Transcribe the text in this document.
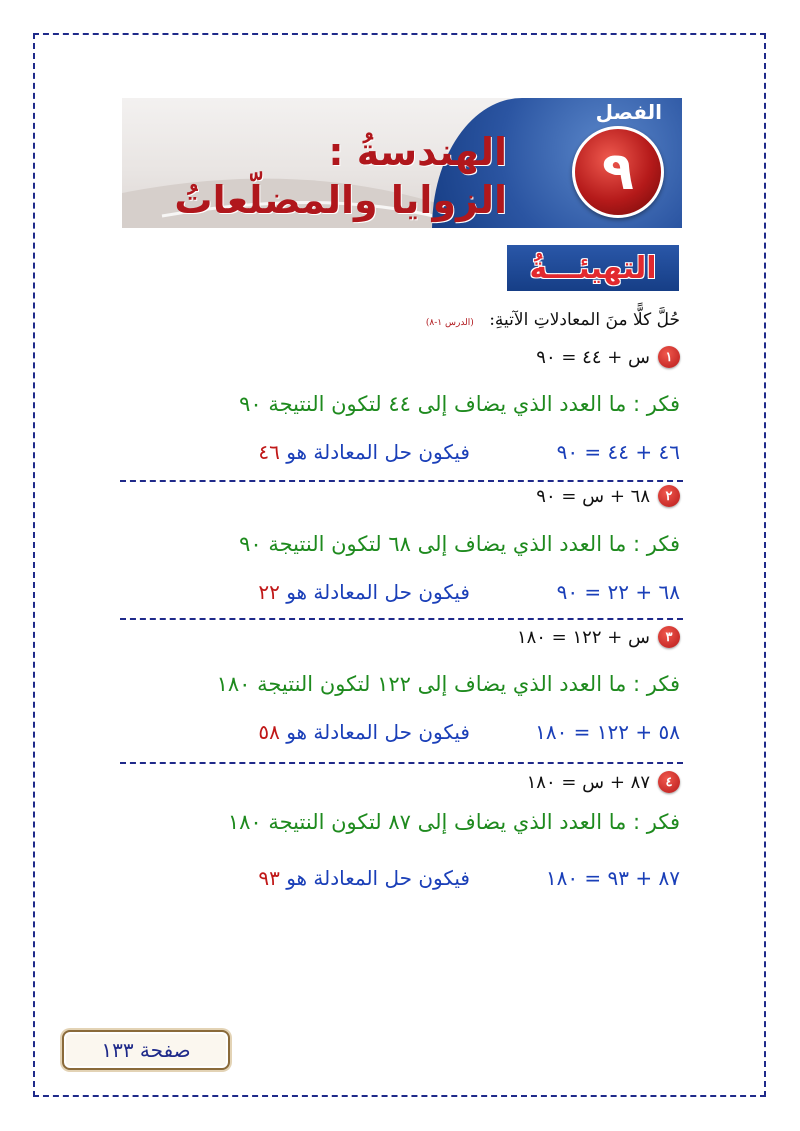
الفصل
٩
الهندسةُ :
الزوايا والمضلّعاتُ
التهيئـــةُ
حُلَّ كلًّا منَ المعادلاتِ الآتيةِ: (الدرس ١-٨)
١
س + ٤٤ = ٩٠
فكر : ما العدد الذي يضاف إلى ٤٤ لتكون النتيجة ٩٠
٤٦ + ٤٤ = ٩٠
فيكون حل المعادلة هو ٤٦
٢
٦٨ + س = ٩٠
فكر : ما العدد الذي يضاف إلى ٦٨ لتكون النتيجة ٩٠
٦٨ + ٢٢ = ٩٠
فيكون حل المعادلة هو ٢٢
٣
س + ١٢٢ = ١٨٠
فكر : ما العدد الذي يضاف إلى ١٢٢ لتكون النتيجة ١٨٠
٥٨ + ١٢٢ = ١٨٠
فيكون حل المعادلة هو ٥٨
٤
٨٧ + س = ١٨٠
فكر : ما العدد الذي يضاف إلى ٨٧ لتكون النتيجة ١٨٠
٨٧ + ٩٣ = ١٨٠
فيكون حل المعادلة هو ٩٣
صفحة ١٣٣
